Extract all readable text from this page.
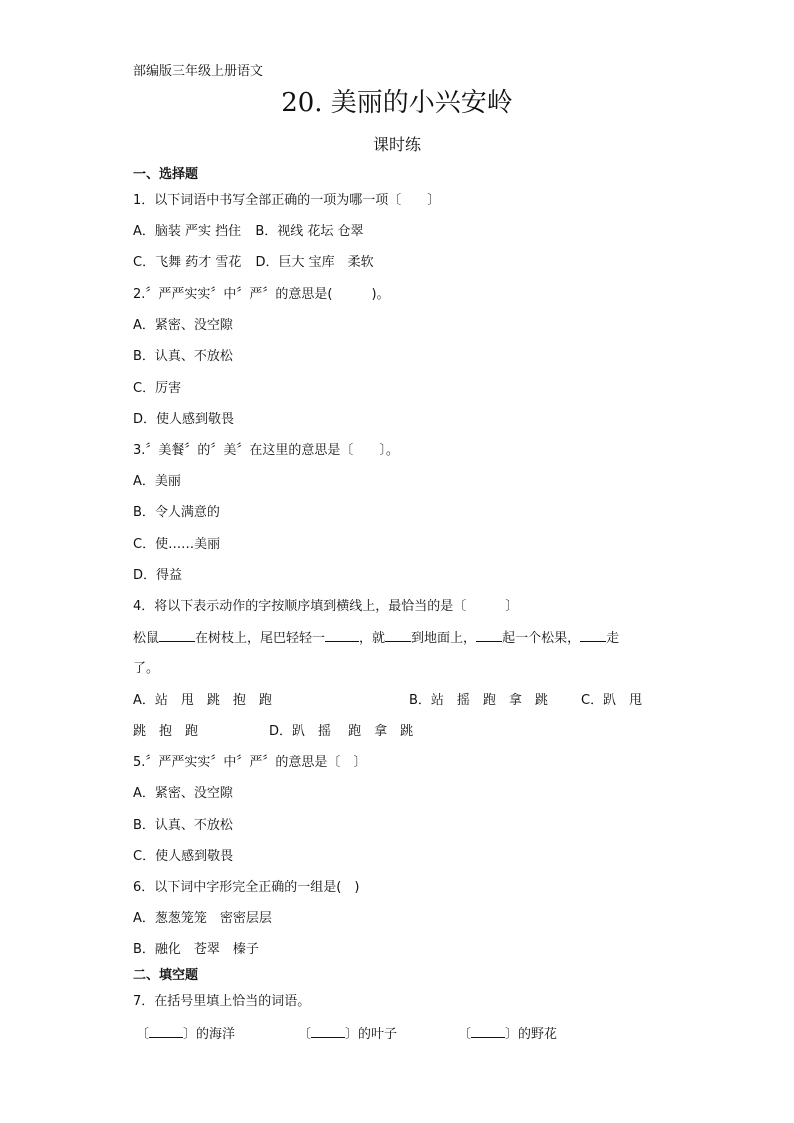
部编版三年级上册语文
20. 美丽的小兴安岭
课时练
一、选择题
1．以下词语中书写全部正确的一项为哪一项〔　　〕
A．脑装 严实 挡住 B．视线 花坛 仓翠
C．飞舞 药才 雪花 D．巨大 宝库　柔软
2.〞严严实实〞中〞严〞的意思是(　　　)。
A．紧密、没空隙
B．认真、不放松
C．厉害
D．使人感到敬畏
3.〞美餐〞的〞美〞在这里的意思是〔　　〕。
A．美丽
B．令人满意的
C．使……美丽
D．得益
4．将以下表示动作的字按顺序填到横线上，最恰当的是〔　　　〕
松鼠	在树枝上，尾巴轻轻一	，就 到地面上， 起一个松果， 走
了。
A．站　甩　跳　抱　跑	B．站　摇　跑　拿　跳	C．趴　甩
跳　抱　跑	D．趴　摇　 跑　拿　跳
5.〞严严实实〞中〞严〞的意思是〔　〕
A．紧密、没空隙
B．认真、不放松
C．使人感到敬畏
6．以下词中字形完全正确的一组是(　)
A．葱葱笼笼　密密层层
B．融化　苍翠　榛子
二、填空题
7．在括号里填上恰当的词语。
〔	〕的海洋	〔	〕的叶子	〔	〕的野花
